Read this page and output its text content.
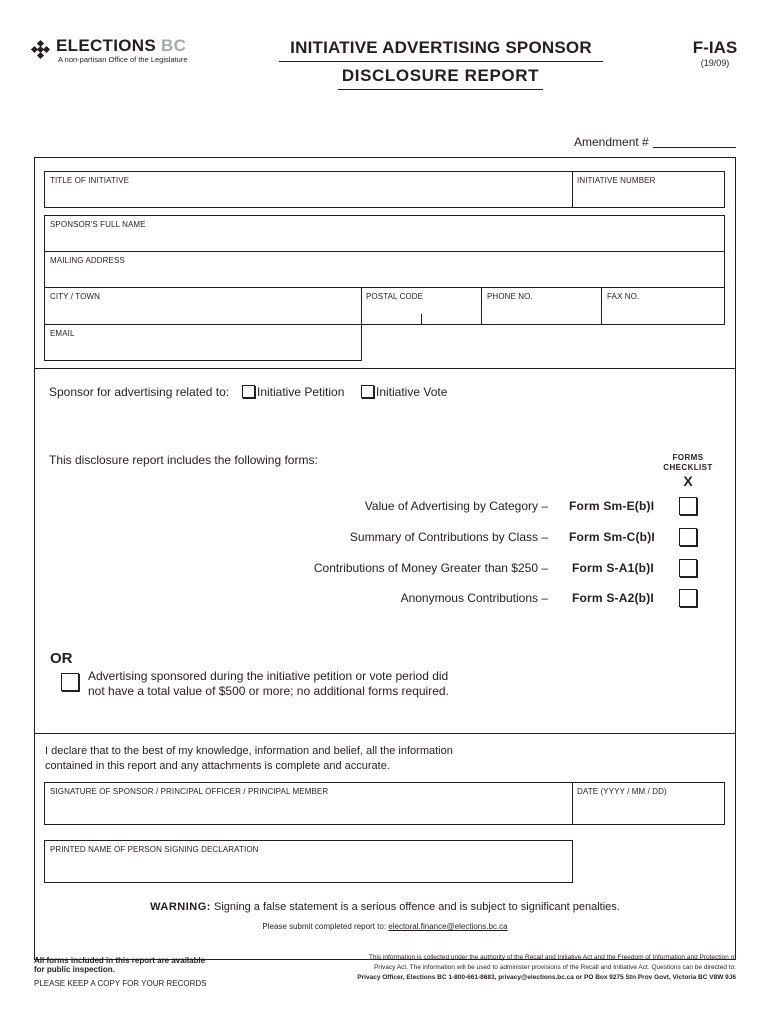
ELECTIONS BC
A non-partisan Office of the Legislature
INITIATIVE ADVERTISING SPONSOR
DISCLOSURE REPORT
F-IAS
(19/09)
Amendment #
TITLE OF INITIATIVE	INITIATIVE NUMBER
SPONSOR'S FULL NAME
MAILING ADDRESS
CITY / TOWN	POSTAL CODE	PHONE NO.	FAX NO.
EMAIL
Sponsor for advertising related to: Initiative Petition	Initiative Vote
This disclosure report includes the following forms:	FORMS
CHECKLIST
X
Value of Advertising by Category – Form Sm-E(b)I
Summary of Contributions by Class – Form Sm-C(b)I
Contributions of Money Greater than $250 – Form S-A1(b)I
Anonymous Contributions – Form S-A2(b)I
OR
Advertising sponsored during the initiative petition or vote period did
not have a total value of $500 or more; no additional forms required.
I declare that to the best of my knowledge, information and belief, all the information
contained in this report and any attachments is complete and accurate.
SIGNATURE OF SPONSOR / PRINCIPAL OFFICER / PRINCIPAL MEMBER	DATE (YYYY / MM / DD)
PRINTED NAME OF PERSON SIGNING DECLARATION
WARNING: Signing a false statement is a serious offence and is subject to significant penalties.
Please submit completed report to: electoral.finance@elections.bc.ca
All forms included in this report are available
for public inspection.
PLEASE KEEP A COPY FOR YOUR RECORDS
This information is collected under the authority of the Recall and Initiative Act and the Freedom of Information and Protection of
Privacy Act. The information will be used to administer provisions of the Recall and Initiative Act. Questions can be directed to:
Privacy Officer, Elections BC 1-800-661-8683, privacy@elections.bc.ca or PO Box 9275 Stn Prov Govt, Victoria BC V8W 9J6
